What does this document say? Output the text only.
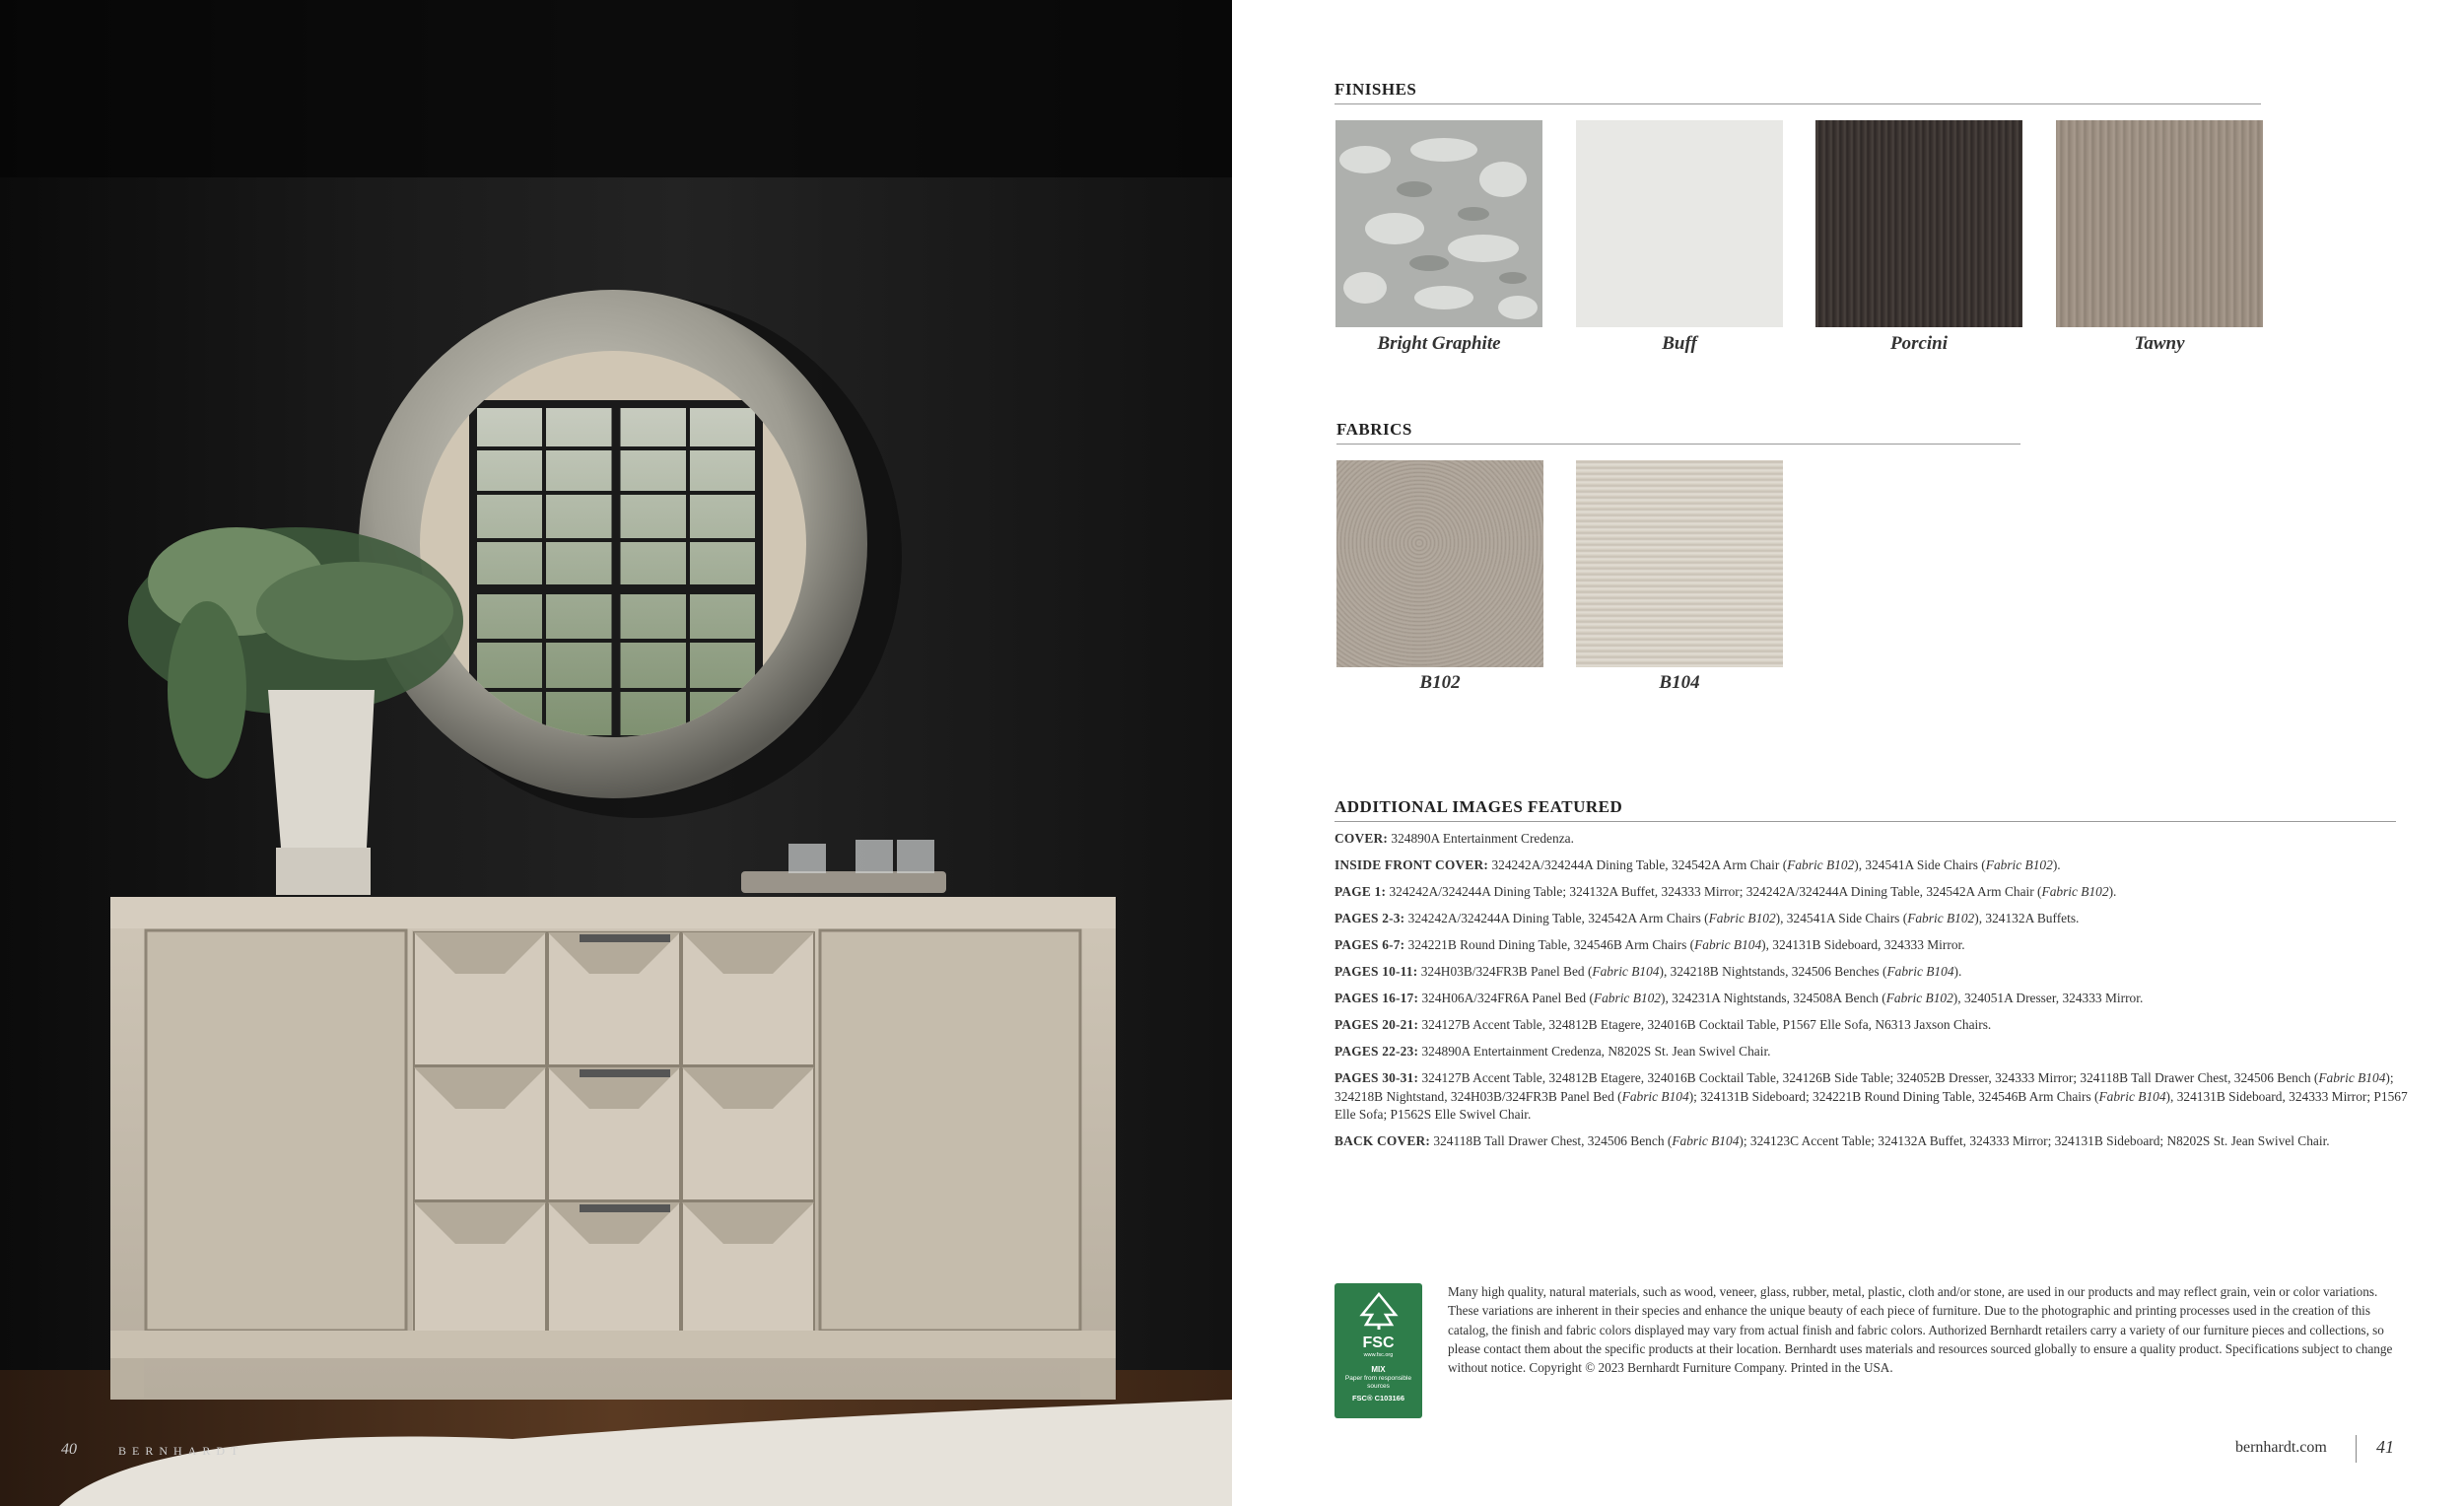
40	BERNHARDT
FINISHES
Bright Graphite	Buff	Porcini	Tawny
FABRICS
B102	B104
ADDITIONAL IMAGES FEATURED

COVER: 324890A Entertainment Credenza.

INSIDE FRONT COVER: 324242A/324244A Dining Table, 324542A Arm Chair (Fabric B102), 324541A Side Chairs (Fabric B102).

PAGE 1: 324242A/324244A Dining Table; 324132A Buffet, 324333 Mirror; 324242A/324244A Dining Table, 324542A Arm Chair (Fabric B102).

PAGES 2-3: 324242A/324244A Dining Table, 324542A Arm Chairs (Fabric B102), 324541A Side Chairs (Fabric B102), 324132A Buffets.

PAGES 6-7: 324221B Round Dining Table, 324546B Arm Chairs (Fabric B104), 324131B Sideboard, 324333 Mirror.

PAGES 10-11: 324H03B/324FR3B Panel Bed (Fabric B104), 324218B Nightstands, 324506 Benches (Fabric B104).

PAGES 16-17: 324H06A/324FR6A Panel Bed (Fabric B102), 324231A Nightstands, 324508A Bench (Fabric B102), 324051A Dresser, 324333 Mirror.

PAGES 20-21: 324127B Accent Table, 324812B Etagere, 324016B Cocktail Table, P1567 Elle Sofa, N6313 Jaxson Chairs.

PAGES 22-23: 324890A Entertainment Credenza, N8202S St. Jean Swivel Chair.

PAGES 30-31: 324127B Accent Table, 324812B Etagere, 324016B Cocktail Table, 324126B Side Table; 324052B Dresser, 324333 Mirror; 324118B Tall Drawer Chest, 324506 Bench (Fabric B104); 324218B Nightstand, 324H03B/324FR3B Panel Bed (Fabric B104); 324131B Sideboard; 324221B Round Dining Table, 324546B Arm Chairs (Fabric B104), 324131B Sideboard, 324333 Mirror; P1567 Elle Sofa; P1562S Elle Swivel Chair.

BACK COVER: 324118B Tall Drawer Chest, 324506 Bench (Fabric B104); 324123C Accent Table; 324132A Buffet, 324333 Mirror; 324131B Sideboard; N8202S St. Jean Swivel Chair.

FSC
www.fsc.org
MIX
Paper from responsible sources
FSC® C103166
Many high quality, natural materials, such as wood, veneer, glass, rubber, metal, plastic, cloth and/or stone, are used in our products and may reflect grain, vein or color variations. These variations are inherent in their species and enhance the unique beauty of each piece of furniture. Due to the photographic and printing processes used in the creation of this catalog, the finish and fabric colors displayed may vary from actual finish and fabric colors. Authorized Bernhardt retailers carry a variety of our furniture pieces and collections, so please contact them about the specific products at their location. Bernhardt uses materials and resources sourced globally to ensure a quality product. Specifications subject to change without notice. Copyright © 2023 Bernhardt Furniture Company. Printed in the USA.
bernhardt.com	41
